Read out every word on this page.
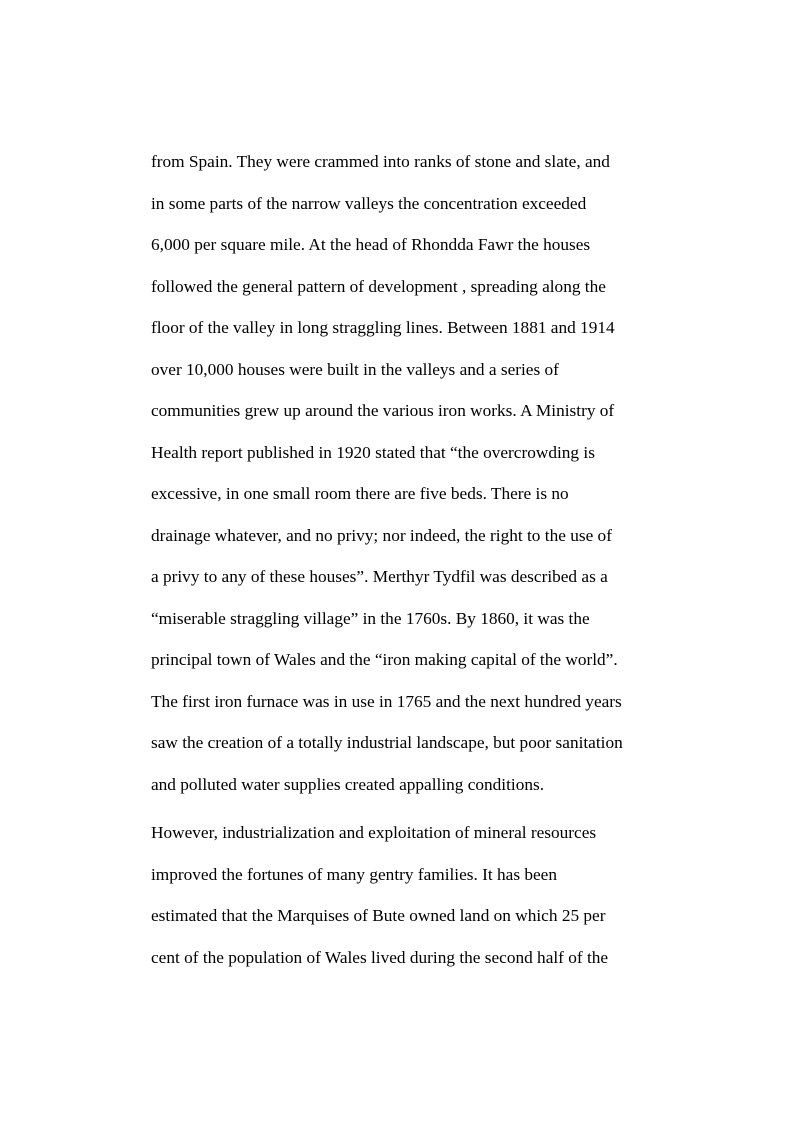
from Spain. They were crammed into ranks of stone and slate, and
in some parts of the narrow valleys the concentration exceeded
6,000 per square mile. At the head of Rhondda Fawr the houses
followed the general pattern of development , spreading along the
floor of the valley in long straggling lines. Between 1881 and 1914
over 10,000 houses were built in the valleys and a series of
communities grew up around the various iron works. A Ministry of
Health report published in 1920 stated that “the overcrowding is
excessive, in one small room there are five beds. There is no
drainage whatever, and no privy; nor indeed, the right to the use of
a privy to any of these houses”. Merthyr Tydfil was described as a
“miserable straggling village” in the 1760s. By 1860, it was the
principal town of Wales and the “iron making capital of the world”.
The first iron furnace was in use in 1765 and the next hundred years
saw the creation of a totally industrial landscape, but poor sanitation
and polluted water supplies created appalling conditions.
However, industrialization and exploitation of mineral resources
improved the fortunes of many gentry families. It has been
estimated that the Marquises of Bute owned land on which 25 per
cent of the population of Wales lived during the second half of the
